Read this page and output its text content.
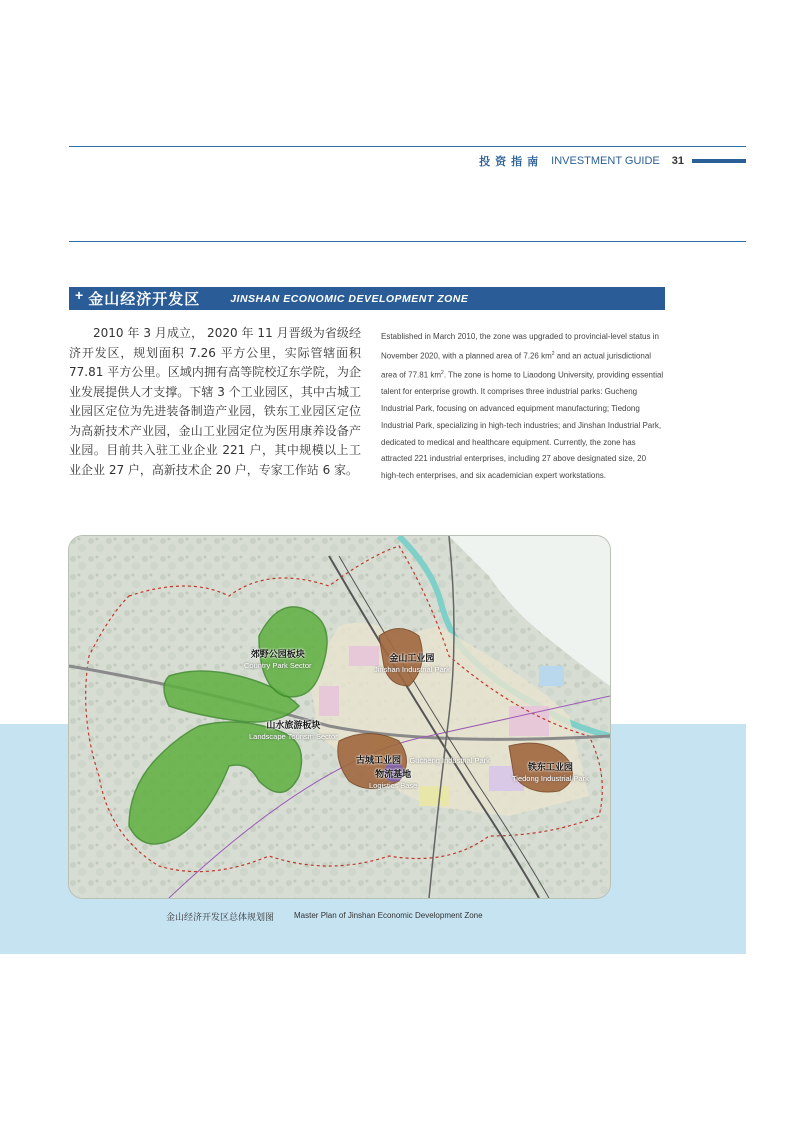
投资指南 INVESTMENT GUIDE 31
+ 金山经济开发区	JINSHAN ECONOMIC DEVELOPMENT ZONE

2010 年 3 月成立， 2020 年 11 月晋级为省级经济开发区，规划面积 7.26 平方公里，实际管辖面积 77.81 平方公里。区域内拥有高等院校辽东学院，为企业发展提供人才支撑。下辖 3 个工业园区，其中古城工业园区定位为先进装备制造产业园，铁东工业园区定位为高新技术产业园，金山工业园定位为医用康养设备产业园。目前共入驻工业企业 221 户，其中规模以上工业企业 27 户，高新技术企 20 户，专家工作站 6 家。

Established in March 2010, the zone was upgraded to provincial-level status in November 2020, with a planned area of 7.26 $km^2$ and an actual jurisdictional area of 77.81 $km^2$. The zone is home to Liaodong University, providing essential talent for enterprise growth. It comprises three industrial parks: Gucheng Industrial Park, focusing on advanced equipment manufacturing; Tiedong Industrial Park, specializing in high-tech industries; and Jinshan Industrial Park, dedicated to medical and healthcare equipment. Currently, the zone has attracted 221 industrial enterprises, including 27 above designated size, 20 high-tech enterprises, and six academician expert workstations.

郊野公园板块
Country Park Sector
金山工业园
Jinshan Industrial Park
山水旅游板块
Landscape Tourism Sector
古城工业园 Gucheng Industrial Park
物流基地
Logistics Base
铁东工业园
Tiedong Industrial Park
金山经济开发区总体规划图	Master Plan of Jinshan Economic Development Zone
